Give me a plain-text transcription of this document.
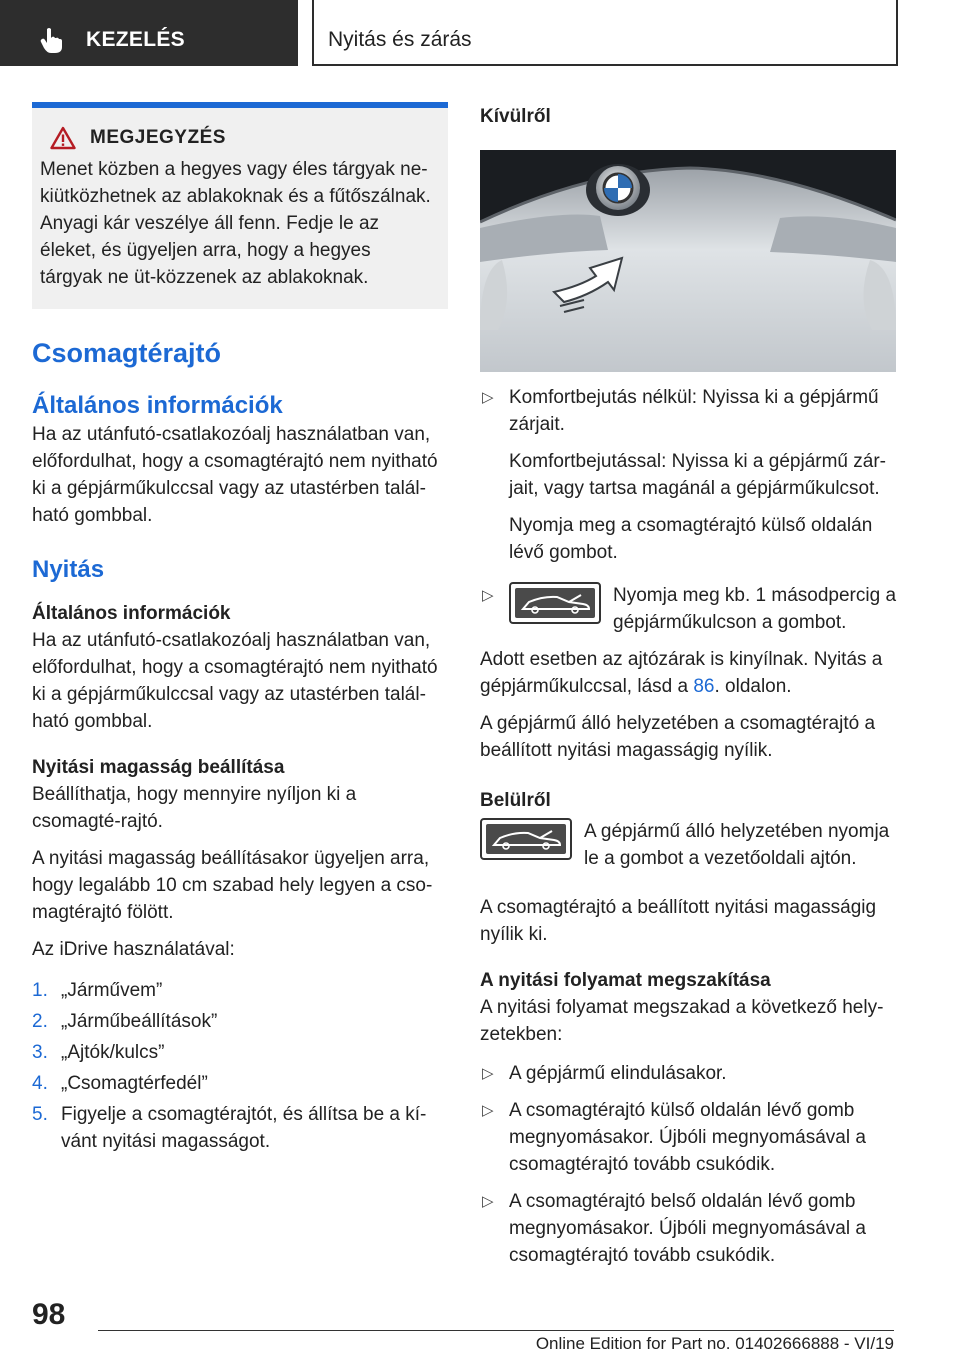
KEZELÉS	Nyitás és zárás
MEGJEGYZÉS

Menet közben a hegyes vagy éles tárgyak ne-kiütközhetnek az ablakoknak és a fűtőszálnak. Anyagi kár veszélye áll fenn. Fedje le az éleket, és ügyeljen arra, hogy a hegyes tárgyak ne üt-közzenek az ablakoknak.

Csomagtérajtó
Általános információk

Ha az utánfutó-csatlakozóalj használatban van, előfordulhat, hogy a csomagtérajtó nem nyitható ki a gépjárműkulccsal vagy az utastérben talál-ható gombbal.

Nyitás
Általános információk

Ha az utánfutó-csatlakozóalj használatban van, előfordulhat, hogy a csomagtérajtó nem nyitható ki a gépjárműkulccsal vagy az utastérben talál-ható gombbal.

Nyitási magasság beállítása

Beállíthatja, hogy mennyire nyíljon ki a csomagté-rajtó.

A nyitási magasság beállításakor ügyeljen arra, hogy legalább 10 cm szabad hely legyen a cso-magtérajtó fölött.

Az iDrive használatával:

1. „Járművem”
2. „Járműbeállítások”
3. „Ajtók/kulcs”
4. „Csomagtérfedél”
5. Figyelje a csomagtérajtót, és állítsa be a kí-vánt nyitási magasságot.
Kívülről
▷ Komfortbejutás nélkül: Nyissa ki a gépjármű zárjait.

Komfortbejutással: Nyissa ki a gépjármű zár-jait, vagy tartsa magánál a gépjárműkulcsot.

Nyomja meg a csomagtérajtó külső oldalán lévő gombot.

▷	Nyomja meg kb. 1 másodpercig a gépjárműkulcson a gombot.

Adott esetben az ajtózárak is kinyílnak. Nyitás a gépjárműkulccsal, lásd a 86. oldalon.

A gépjármű álló helyzetében a csomagtérajtó a beállított nyitási magasságig nyílik.

Belülről

A gépjármű álló helyzetében nyomja le a gombot a vezetőoldali ajtón.

A csomagtérajtó a beállított nyitási magasságig nyílik ki.

A nyitási folyamat megszakítása

A nyitási folyamat megszakad a következő hely-zetekben:

▷ A gépjármű elindulásakor.

▷ A csomagtérajtó külső oldalán lévő gomb megnyomásakor. Újbóli megnyomásával a csomagtérajtó tovább csukódik.

▷ A csomagtérajtó belső oldalán lévő gomb megnyomásakor. Újbóli megnyomásával a csomagtérajtó tovább csukódik.

98
Online Edition for Part no. 01402666888 - VI/19
